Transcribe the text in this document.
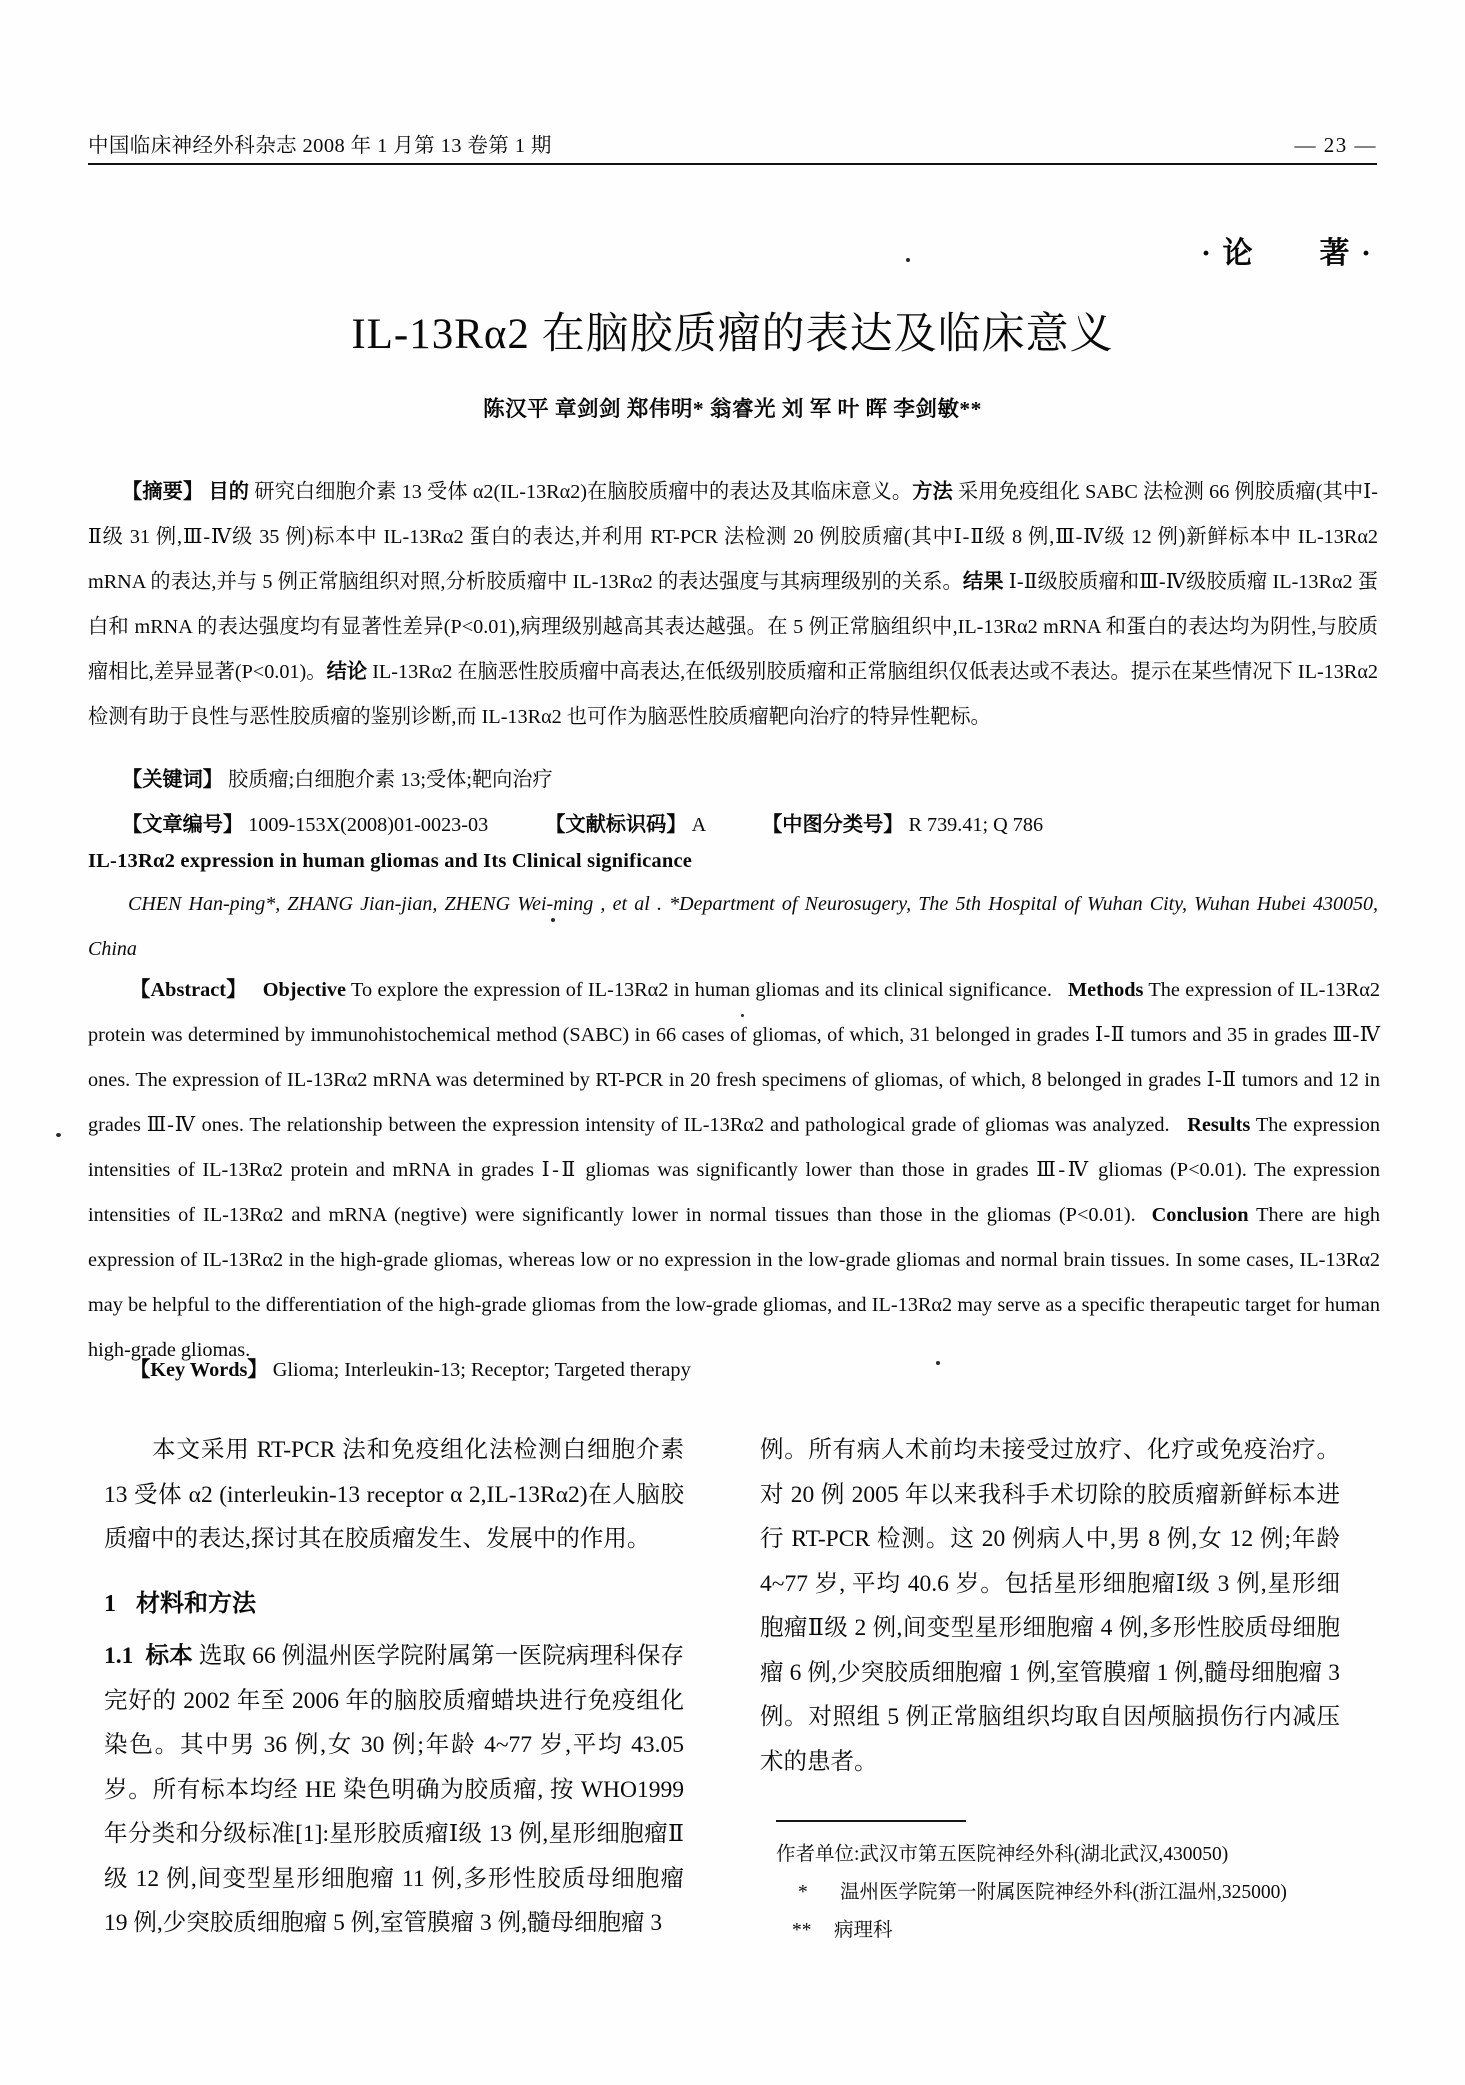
中国临床神经外科杂志 2008 年 1 月第 13 卷第 1 期	— 23 —
· 论 著 ·
IL-13Rα2 在脑胶质瘤的表达及临床意义
陈汉平 章剑剑 郑伟明* 翁睿光 刘 军 叶 晖 李剑敏**

【摘要】 目的 研究白细胞介素 13 受体 α2(IL-13Rα2)在脑胶质瘤中的表达及其临床意义。方法 采用免疫组化 SABC 法检测 66 例胶质瘤(其中Ⅰ-Ⅱ级 31 例,Ⅲ-Ⅳ级 35 例)标本中 IL-13Rα2 蛋白的表达,并利用 RT-PCR 法检测 20 例胶质瘤(其中Ⅰ-Ⅱ级 8 例,Ⅲ-Ⅳ级 12 例)新鲜标本中 IL-13Rα2 mRNA 的表达,并与 5 例正常脑组织对照,分析胶质瘤中 IL-13Rα2 的表达强度与其病理级别的关系。结果 Ⅰ-Ⅱ级胶质瘤和Ⅲ-Ⅳ级胶质瘤 IL-13Rα2 蛋白和 mRNA 的表达强度均有显著性差异(P<0.01),病理级别越高其表达越强。在 5 例正常脑组织中,IL-13Rα2 mRNA 和蛋白的表达均为阴性,与胶质瘤相比,差异显著(P<0.01)。结论 IL-13Rα2 在脑恶性胶质瘤中高表达,在低级别胶质瘤和正常脑组织仅低表达或不表达。提示在某些情况下 IL-13Rα2 检测有助于良性与恶性胶质瘤的鉴别诊断,而 IL-13Rα2 也可作为脑恶性胶质瘤靶向治疗的特异性靶标。

【关键词】 胶质瘤;白细胞介素 13;受体;靶向治疗
【文章编号】 1009-153X(2008)01-0023-03	【文献标识码】 A	【中图分类号】 R 739.41; Q 786
IL-13Rα2 expression in human gliomas and Its Clinical significance

CHEN Han-ping*, ZHANG Jian-jian, ZHENG Wei-ming , et al . *Department of Neurosugery, The 5th Hospital of Wuhan City, Wuhan Hubei 430050, China

【Abstract】 Objective To explore the expression of IL-13Rα2 in human gliomas and its clinical significance. Methods The expression of IL-13Rα2 protein was determined by immunohistochemical method (SABC) in 66 cases of gliomas, of which, 31 belonged in grades Ⅰ-Ⅱ tumors and 35 in grades Ⅲ-Ⅳ ones. The expression of IL-13Rα2 mRNA was determined by RT-PCR in 20 fresh specimens of gliomas, of which, 8 belonged in grades Ⅰ-Ⅱ tumors and 12 in grades Ⅲ-Ⅳ ones. The relationship between the expression intensity of IL-13Rα2 and pathological grade of gliomas was analyzed. Results The expression intensities of IL-13Rα2 protein and mRNA in grades Ⅰ-Ⅱ gliomas was significantly lower than those in grades Ⅲ-Ⅳ gliomas (P<0.01). The expression intensities of IL-13Rα2 and mRNA (negtive) were significantly lower in normal tissues than those in the gliomas (P<0.01). Conclusion There are high expression of IL-13Rα2 in the high-grade gliomas, whereas low or no expression in the low-grade gliomas and normal brain tissues. In some cases, IL-13Rα2 may be helpful to the differentiation of the high-grade gliomas from the low-grade gliomas, and IL-13Rα2 may serve as a specific therapeutic target for human high-grade gliomas.

【Key Words】 Glioma; Interleukin-13; Receptor; Targeted therapy

本文采用 RT-PCR 法和免疫组化法检测白细胞介素 13 受体 α2 (interleukin-13 receptor α 2,IL-13Rα2)在人脑胶质瘤中的表达,探讨其在胶质瘤发生、发展中的作用。

1 材料和方法

1.1 标本 选取 66 例温州医学院附属第一医院病理科保存完好的 2002 年至 2006 年的脑胶质瘤蜡块进行免疫组化染色。其中男 36 例,女 30 例;年龄 4~77 岁,平均 43.05 岁。所有标本均经 HE 染色明确为胶质瘤, 按 WHO1999 年分类和分级标准[1]:星形胶质瘤Ⅰ级 13 例,星形细胞瘤Ⅱ级 12 例,间变型星形细胞瘤 11 例,多形性胶质母细胞瘤 19 例,少突胶质细胞瘤 5 例,室管膜瘤 3 例,髓母细胞瘤 3

例。所有病人术前均未接受过放疗、化疗或免疫治疗。对 20 例 2005 年以来我科手术切除的胶质瘤新鲜标本进行 RT-PCR 检测。这 20 例病人中,男 8 例,女 12 例;年龄 4~77 岁, 平均 40.6 岁。包括星形细胞瘤Ⅰ级 3 例,星形细胞瘤Ⅱ级 2 例,间变型星形细胞瘤 4 例,多形性胶质母细胞瘤 6 例,少突胶质细胞瘤 1 例,室管膜瘤 1 例,髓母细胞瘤 3 例。对照组 5 例正常脑组织均取自因颅脑损伤行内减压术的患者。

作者单位:武汉市第五医院神经外科(湖北武汉,430050)
* 温州医学院第一附属医院神经外科(浙江温州,325000)
** 病理科
